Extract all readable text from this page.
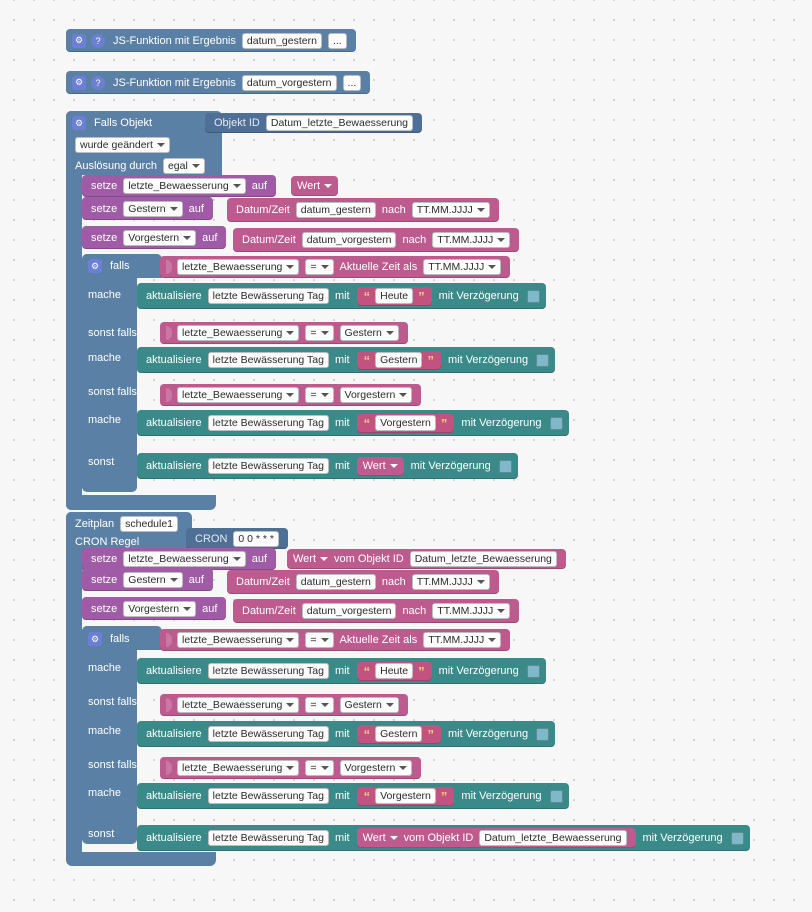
⚙	?	JS-Funktion mit Ergebnis	datum_gestern	...
⚙	?	JS-Funktion mit Ergebnis	datum_vorgestern	...
⚙ Falls Objekt	Objekt ID	Datum_letzte_Bewaesserung
wurde geändert
Auslösung durch egal
setze letzte_Bewaesserung auf	Wert
setze Gestern auf	Datum/Zeit	datum_gestern	nach TT.MM.JJJJ
setze Vorgestern auf Datum/Zeit	datum_vorgestern	nach TT.MM.JJJJ
⚙ falls	letzte_Bewaesserung	= Aktuelle Zeit als TT.MM.JJJJ
mache aktualisiere	letzte Bewässerung Tag	mit “ Heute ” mit Verzögerung
sonst falls	letzte_Bewaesserung	=	Gestern
mache aktualisiere	letzte Bewässerung Tag	mit “ Gestern ” mit Verzögerung
sonst falls	letzte_Bewaesserung	=	Vorgestern
mache aktualisiere	letzte Bewässerung Tag	mit “ Vorgestern ” mit Verzögerung
sonst	aktualisiere	letzte Bewässerung Tag	mit Wert mit Verzögerung
Zeitplan	schedule1
CRON Regel	CRON	0 0 * * *
setze letzte_Bewaesserung auf Wert vom Objekt ID	Datum_letzte_Bewaesserung
setze Gestern auf	Datum/Zeit	datum_gestern	nach TT.MM.JJJJ
setze Vorgestern auf Datum/Zeit	datum_vorgestern	nach TT.MM.JJJJ
⚙ falls	letzte_Bewaesserung	= Aktuelle Zeit als TT.MM.JJJJ
mache aktualisiere	letzte Bewässerung Tag	mit “ Heute ” mit Verzögerung
sonst falls	letzte_Bewaesserung	=	Gestern
mache aktualisiere	letzte Bewässerung Tag	mit “ Gestern ” mit Verzögerung
sonst falls	letzte_Bewaesserung	=	Vorgestern
mache aktualisiere	letzte Bewässerung Tag	mit “ Vorgestern ” mit Verzögerung
sonst	aktualisiere	letzte Bewässerung Tag	mit Wert vom Objekt ID	Datum_letzte_Bewaesserung	mit Verzögerung
